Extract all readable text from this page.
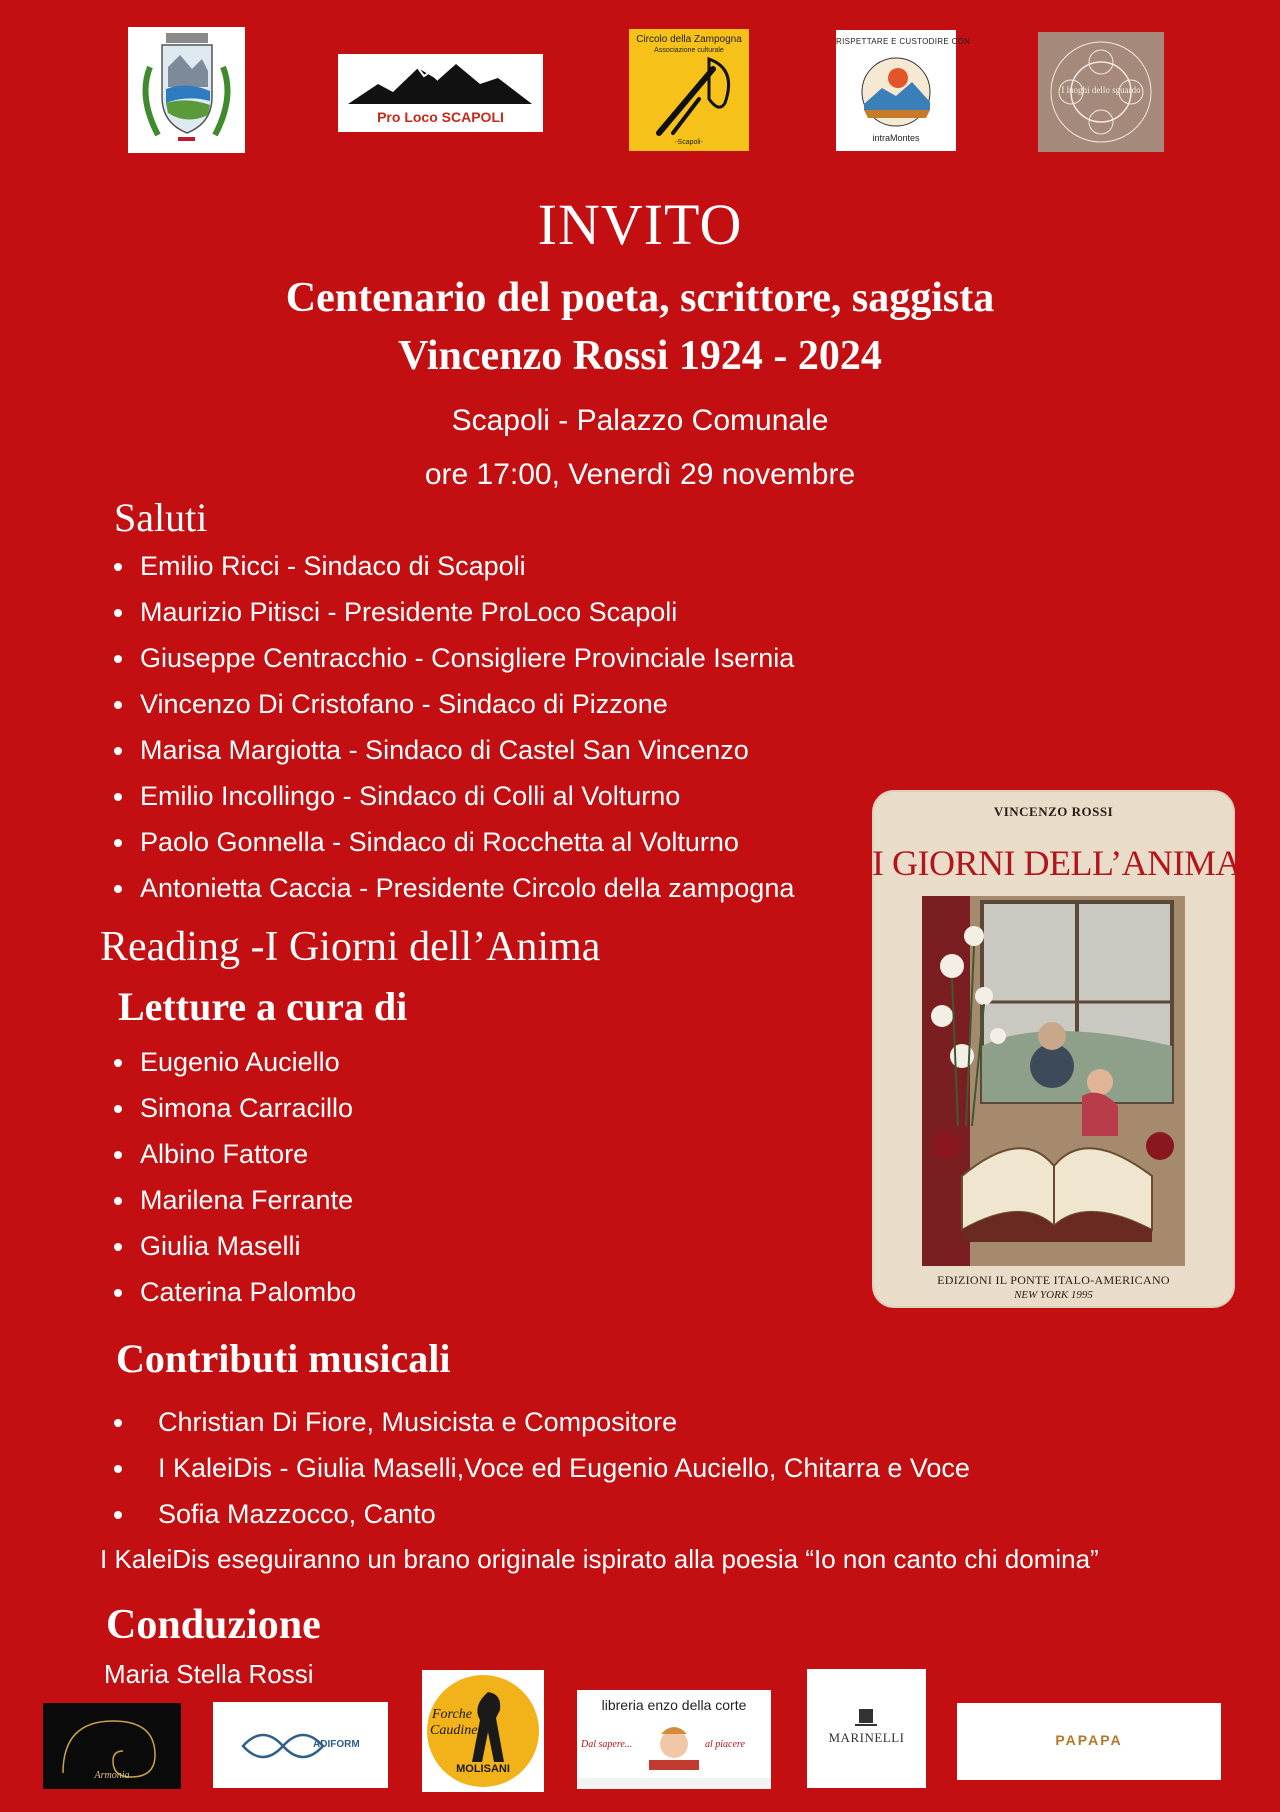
Pro Loco SCAPOLI
Circolo della Zampogna
Associazione culturale
-Scapoli-
RISPETTARE E CUSTODIRE CON
intraMontes
I luoghi dello sguardo
INVITO
Centenario del poeta, scrittore, saggista
Vincenzo Rossi 1924 - 2024
Scapoli - Palazzo Comunale
ore 17:00, Venerdì 29 novembre
Saluti
Emilio Ricci - Sindaco di Scapoli
Maurizio Pitisci - Presidente ProLoco Scapoli
Giuseppe Centracchio - Consigliere Provinciale Isernia
Vincenzo Di Cristofano - Sindaco di Pizzone
Marisa Margiotta - Sindaco di Castel San Vincenzo
Emilio Incollingo - Sindaco di Colli al Volturno
Paolo Gonnella - Sindaco di Rocchetta al Volturno
Antonietta Caccia - Presidente Circolo della zampogna
Reading -I Giorni dell’Anima
Letture a cura di
Eugenio Auciello
Simona Carracillo
Albino Fattore
Marilena Ferrante
Giulia Maselli
Caterina Palombo
VINCENZO ROSSI
I GIORNI DELL’ANIMA
EDIZIONI IL PONTE ITALO-AMERICANO
NEW YORK 1995
Contributi musicali
Christian Di Fiore, Musicista e Compositore
I KaleiDis - Giulia Maselli,Voce ed Eugenio Auciello, Chitarra e Voce
Sofia Mazzocco, Canto
I KaleiDis eseguiranno un brano originale ispirato alla poesia “Io non canto chi domina”
Conduzione
Maria Stella Rossi
Armonia
ADIFORM
Forche
Caudine
MOLISANI
libreria enzo della corte
Dal sapere...	al piacere	MARINELLI	PAPAPA
